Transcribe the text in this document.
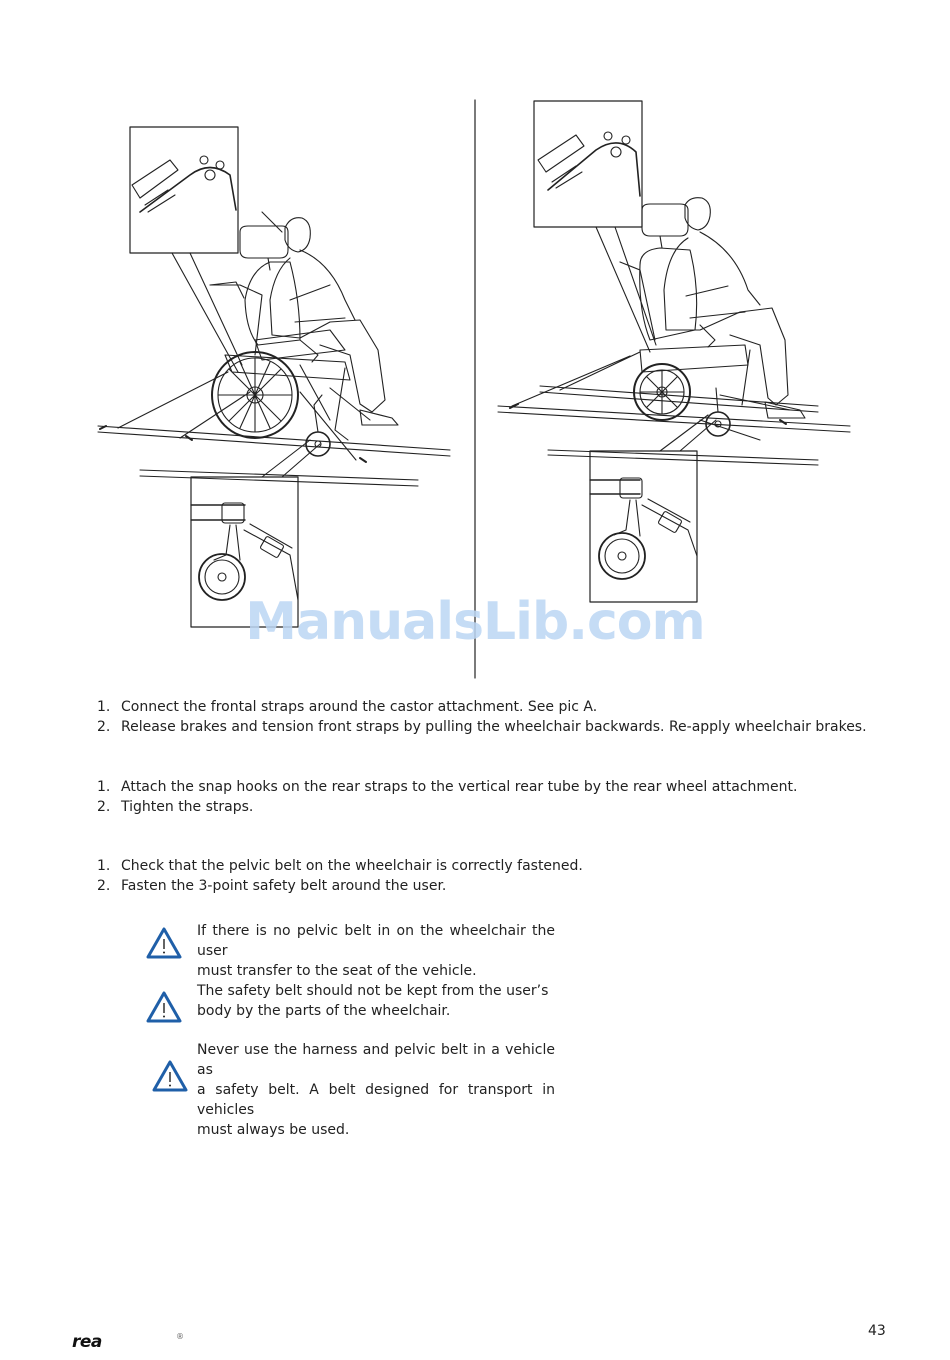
ManualsLib.com
1. Connect the frontal straps around the castor attachment. See pic A.
2. Release brakes and tension front straps by pulling the wheelchair backwards. Re-apply wheelchair brakes.
1. Attach the snap hooks on the rear straps to the vertical rear tube by the rear wheel attachment.
2. Tighten the straps.
1. Check that the pelvic belt on the wheelchair is correctly fastened.
2. Fasten the 3-point safety belt around the user.
If there is no pelvic belt in on the wheelchair the user
must transfer to the seat of the vehicle.
The safety belt should not be kept from the user’s
body by the parts of the wheelchair.
Never use the harness and pelvic belt in a vehicle as
a safety belt. A belt designed for transport in vehicles
must always be used.
rea	®	43
